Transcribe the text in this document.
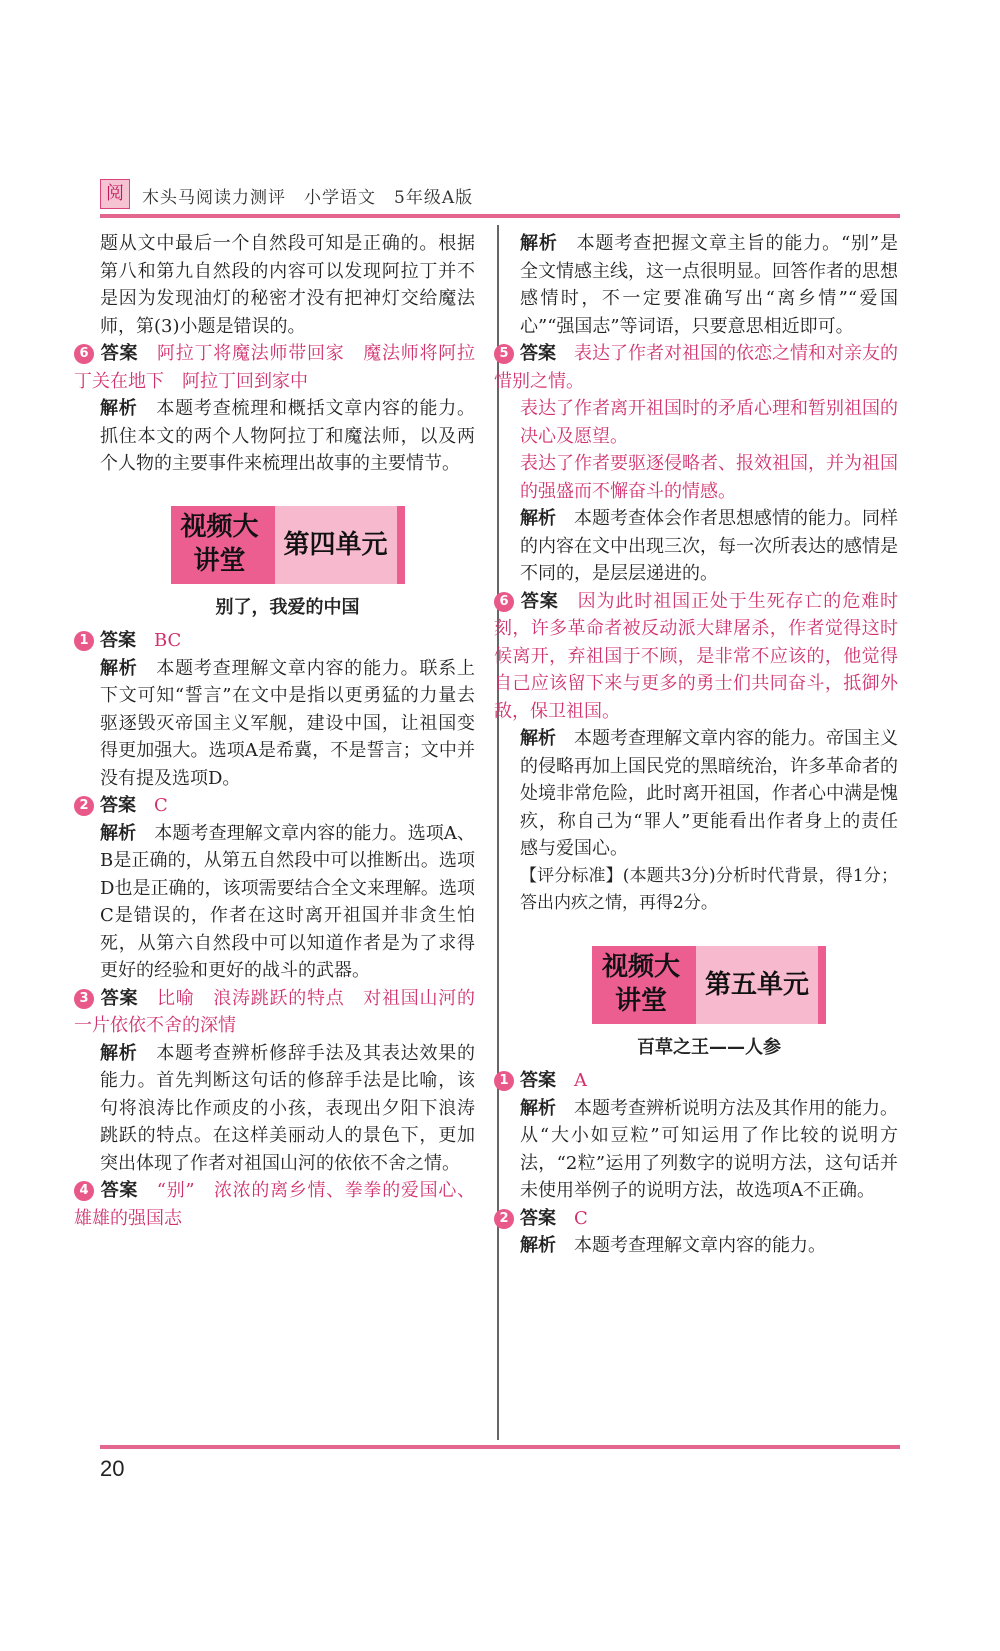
阅	木头马阅读力测评　小学语文　5年级A版

题从文中最后一个自然段可知是正确的。根据第八和第九自然段的内容可以发现阿拉丁并不是因为发现油灯的秘密才没有把神灯交给魔法师，第(3)小题是错误的。

6 答案　 阿拉丁将魔法师带回家　魔法师将阿拉丁关在地下　阿拉丁回到家中

解析　 本题考查梳理和概括文章内容的能力。抓住本文的两个人物阿拉丁和魔法师，以及两个人物的主要事件来梳理出故事的主要情节。

视频大讲堂
第四单元
别了，我爱的中国

1 答案　 BC

解析　 本题考查理解文章内容的能力。联系上下文可知“誓言”在文中是指以更勇猛的力量去驱逐毁灭帝国主义军舰，建设中国，让祖国变得更加强大。选项A是希冀，不是誓言；文中并没有提及选项D。

2 答案　 C

解析　 本题考查理解文章内容的能力。选项A、B是正确的，从第五自然段中可以推断出。选项D也是正确的，该项需要结合全文来理解。选项C是错误的，作者在这时离开祖国并非贪生怕死，从第六自然段中可以知道作者是为了求得更好的经验和更好的战斗的武器。

3 答案　 比喻　浪涛跳跃的特点　对祖国山河的一片依依不舍的深情

解析　 本题考查辨析修辞手法及其表达效果的能力。首先判断这句话的修辞手法是比喻，该句将浪涛比作顽皮的小孩，表现出夕阳下浪涛跳跃的特点。在这样美丽动人的景色下，更加突出体现了作者对祖国山河的依依不舍之情。

4 答案　 “别”　浓浓的离乡情、拳拳的爱国心、雄雄的强国志

解析　 本题考查把握文章主旨的能力。“别”是全文情感主线，这一点很明显。回答作者的思想感情时，不一定要准确写出“离乡情”“爱国心”“强国志”等词语，只要意思相近即可。

5 答案　 表达了作者对祖国的依恋之情和对亲友的惜别之情。

表达了作者离开祖国时的矛盾心理和暂别祖国的决心及愿望。

表达了作者要驱逐侵略者、报效祖国，并为祖国的强盛而不懈奋斗的情感。

解析　 本题考查体会作者思想感情的能力。同样的内容在文中出现三次，每一次所表达的感情是不同的，是层层递进的。

6 答案　 因为此时祖国正处于生死存亡的危难时刻，许多革命者被反动派大肆屠杀，作者觉得这时候离开，弃祖国于不顾，是非常不应该的，他觉得自己应该留下来与更多的勇士们共同奋斗，抵御外敌，保卫祖国。

解析　 本题考查理解文章内容的能力。帝国主义的侵略再加上国民党的黑暗统治，许多革命者的处境非常危险，此时离开祖国，作者心中满是愧疚，称自己为“罪人”更能看出作者身上的责任感与爱国心。

【评分标准】(本题共3分)分析时代背景，得1分；答出内疚之情，再得2分。

视频大讲堂
第五单元
百草之王——人参

1 答案　 A

解析　 本题考查辨析说明方法及其作用的能力。从“大小如豆粒”可知运用了作比较的说明方法，“2粒”运用了列数字的说明方法，这句话并未使用举例子的说明方法，故选项A不正确。

2 答案　 C

解析　 本题考查理解文章内容的能力。

20
